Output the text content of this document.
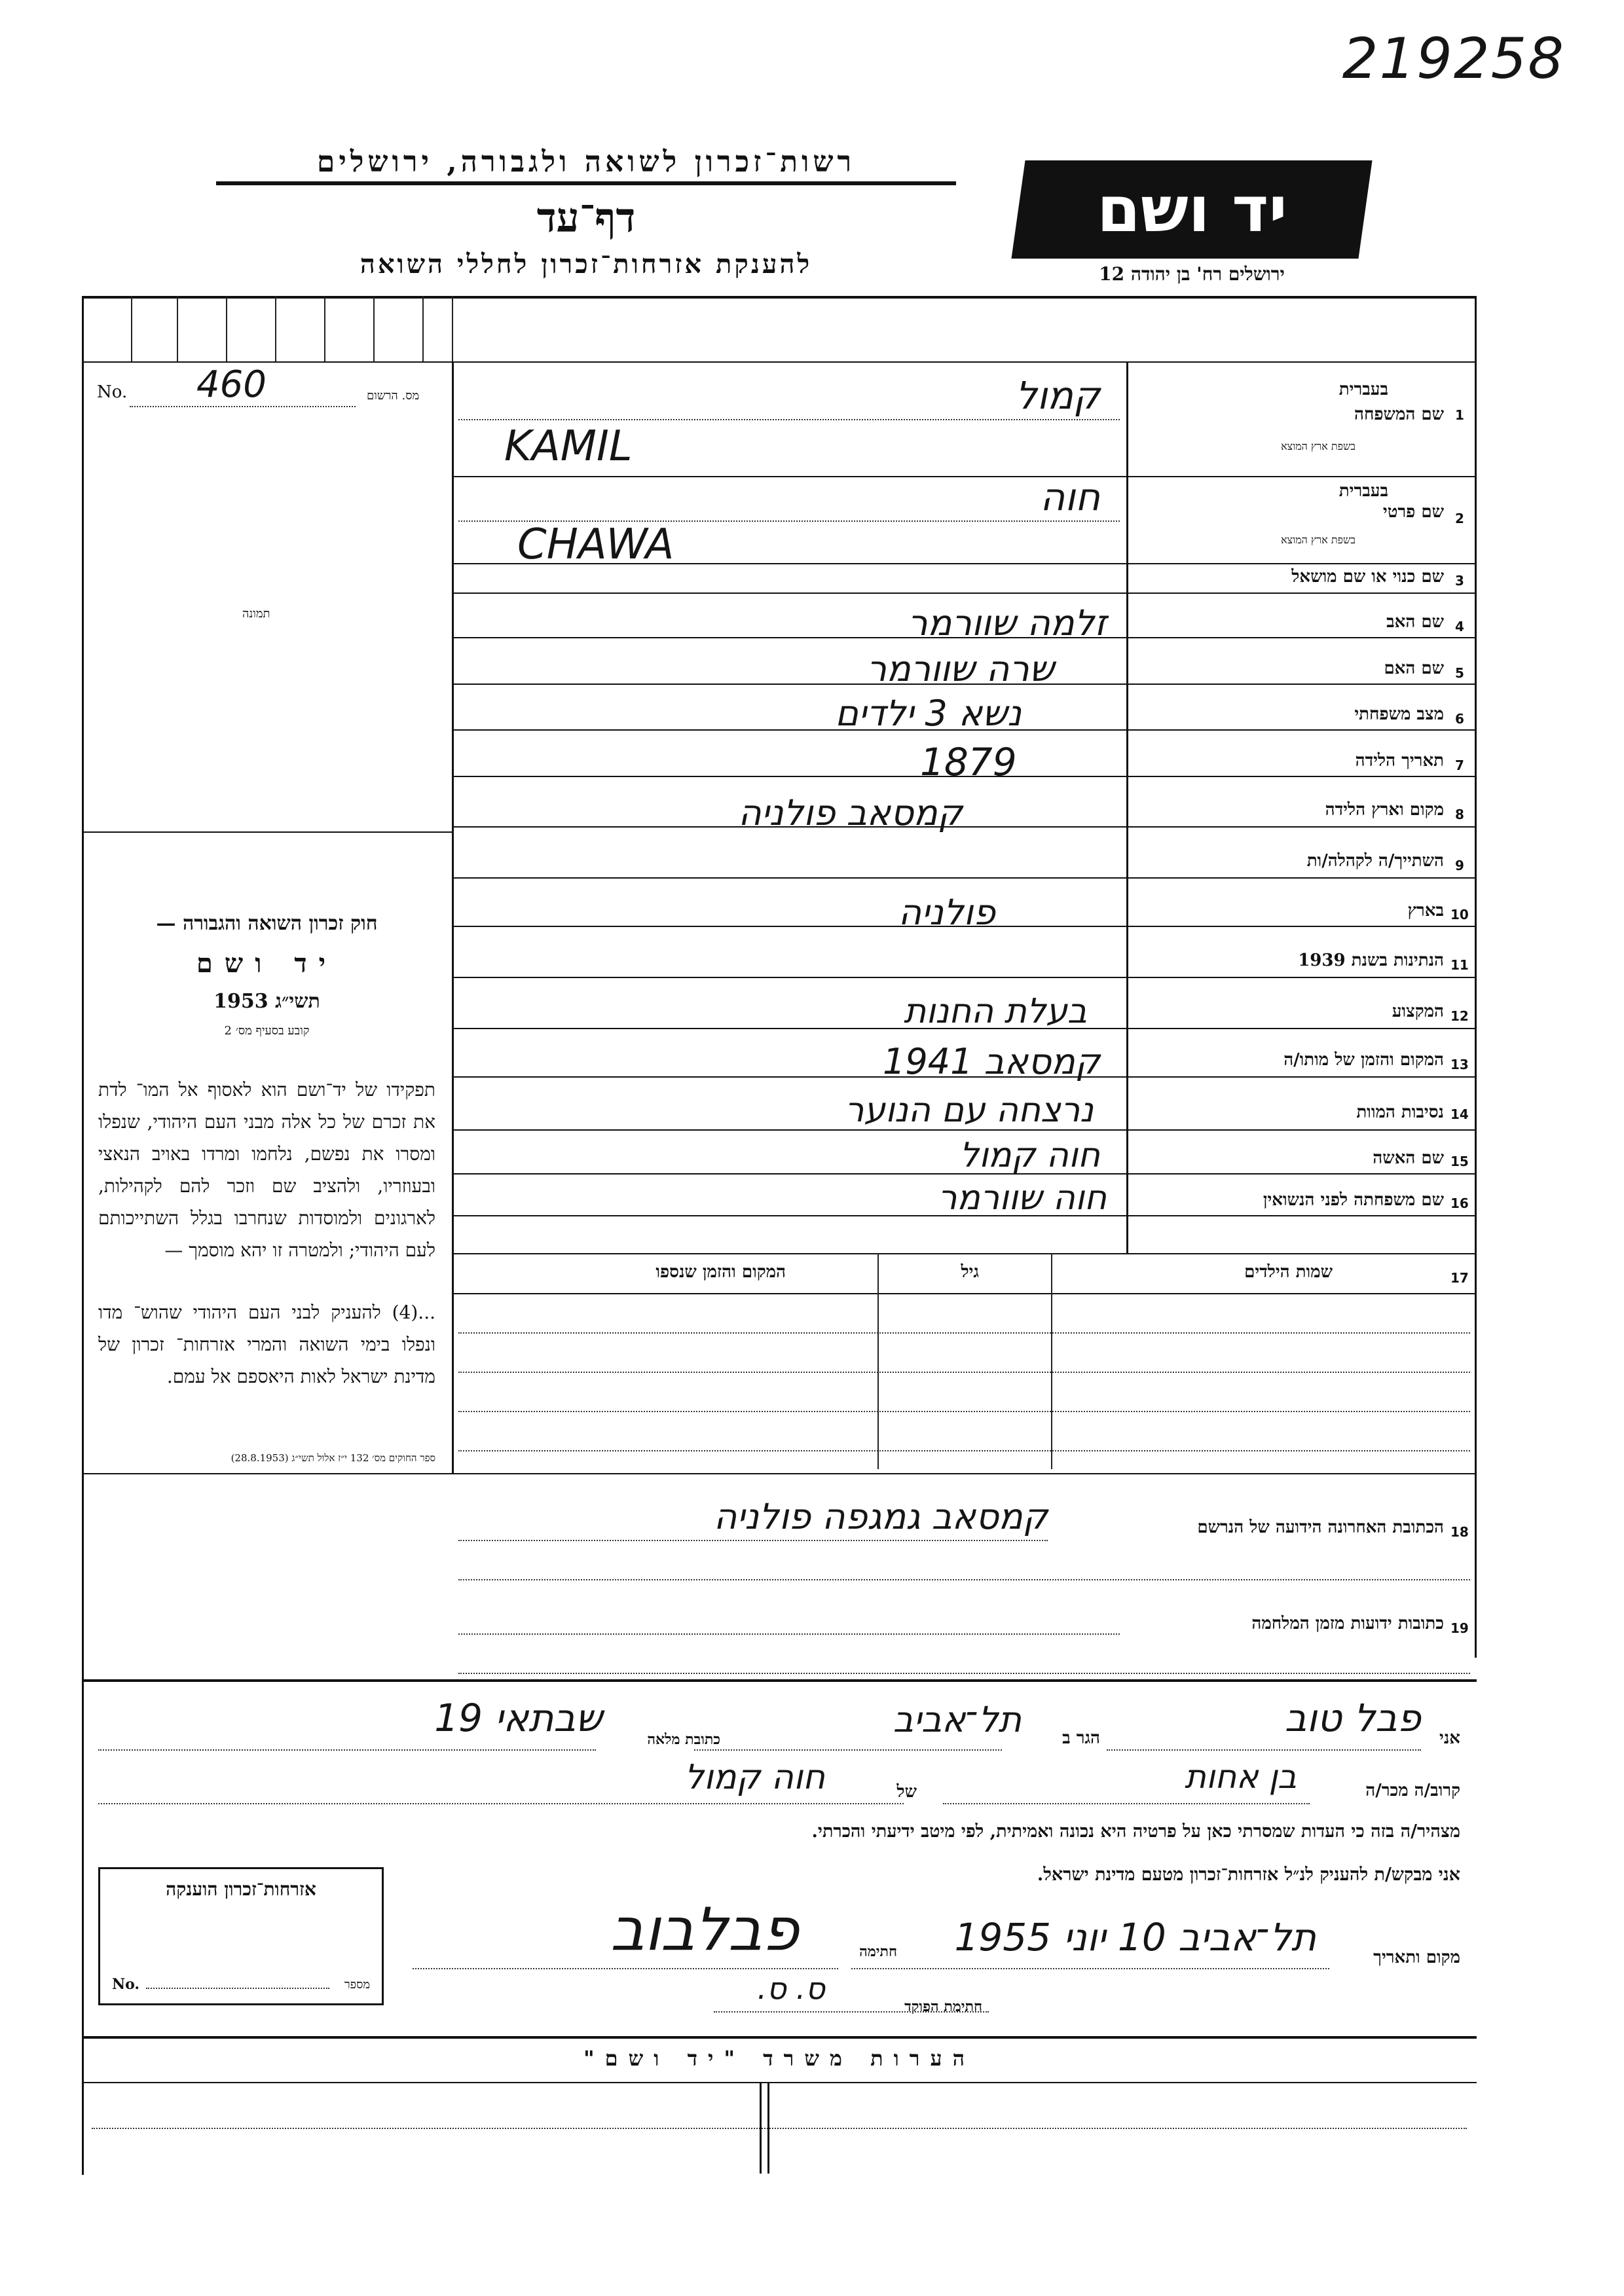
219258
רשות־זכרון לשואה ולגבורה, ירושלים
דף־עד
להענקת אזרחות־זכרון לחללי השואה
יד ושם
ירושלים רח' בן יהודה 12
No. 460	מס. הרשום
תמונה
חוק זכרון השואה והגבורה —
יד ושם
תשי״ג 1953
קובע בסעיף מס׳ 2
תפקידו של יד־ושם הוא לאסוף אל המו־ לדת את זכרם של כל אלה מבני העם היהודי, שנפלו ומסרו את נפשם, נלחמו ומרדו באויב הנאצי ובעוזריו, ולהציב שם וזכר להם לקהילות, לארגונים ולמוסדות שנחרבו בגלל השתייכותם לעם היהודי; ולמטרה זו יהא מוסמך —
...(4) להעניק לבני העם היהודי שהוש־ מדו ונפלו בימי השואה והמרי אזרחות־ זכרון של מדינת ישראל לאות היאספם אל עמם.
ספר החוקים מס׳ 132 י״ז אלול תשי״ג (28.8.1953)
1
שם המשפחה
בעברית
בשפת ארץ המוצא
קמול
KAMIL
2
שם פרטי
בעברית
בשפת ארץ המוצא
חוה
CHAWA
3
שם כנוי או שם מושאל
4
שם האב
זלמה שוורמר
5
שם האם
שרה שוורמר
6
מצב משפחתי
נשא 3 ילדים
7
תאריך הלידה
1879
8
מקום וארץ הלידה
קמסאב פולניה
9
השתייך/ה לקהלה/ות
10
בארץ
פולניה
11
הנתינות בשנת 1939
12
המקצוע
בעלת החנות
13
המקום והזמן של מותו/ה
קמסאב 1941
14
נסיבות המוות
נרצחה עם הנוער
15
שם האשה
חוה קמול
16
שם משפחתה לפני הנשואין
חוה שוורמר
17
שמות הילדים
גיל
המקום והזמן שנספו
18
הכתובת האחרונה הידועה של הנרשם
קמסאב גמגפה פולניה
19
כתובות ידועות מזמן המלחמה
אני
פבל טוב
הגר ב
תל־אביב
כתובת מלאה
שבתאי 19
קרוב/ה מכר/ה
בן אחות
של
חוה קמול
מצהיר/ה בזה כי העדות שמסרתי כאן על פרטיה היא נכונה ואמיתית, לפי מיטב ידיעתי והכרתי.
אני מבקש/ת להעניק לנ״ל אזרחות־זכרון מטעם מדינת ישראל.
אזרחות־זכרון הוענקה
No.	מספר
מקום ותאריך
תל־אביב 10 יוני 1955
חתימה
פבלבוב
ס. ס.
חתימת הפוקד
הערות משרד "יד ושם"
